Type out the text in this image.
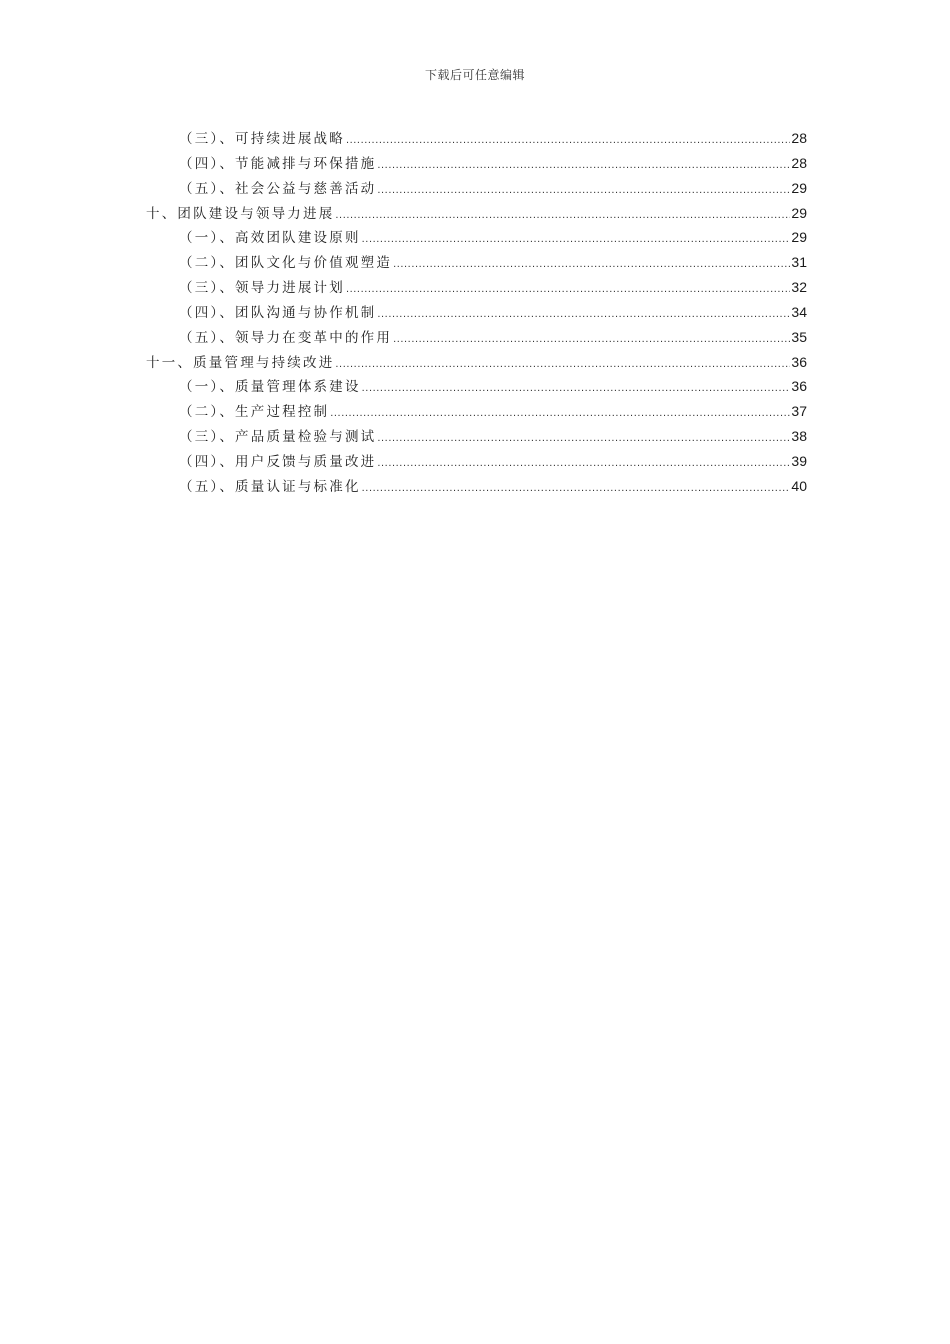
下载后可任意编辑
（三）、可持续进展战略 .....	28
（四）、节能减排与环保措施 .....	28
（五）、社会公益与慈善活动 .....	29
十、团队建设与领导力进展 .....	29
（一）、高效团队建设原则 .....	29
（二）、团队文化与价值观塑造 .....	31
（三）、领导力进展计划 .....	32
（四）、团队沟通与协作机制 .....	34
（五）、领导力在变革中的作用 .....	35
十一、质量管理与持续改进 .....	36
（一）、质量管理体系建设 .....	36
（二）、生产过程控制 .....	37
（三）、产品质量检验与测试 .....	38
（四）、用户反馈与质量改进 .....	39
（五）、质量认证与标准化 .....	40
